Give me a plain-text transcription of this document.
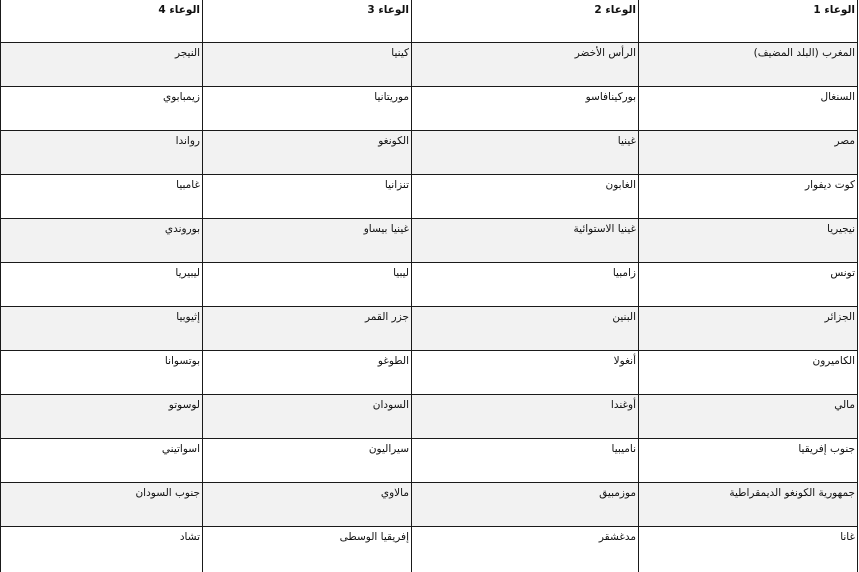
الوعاء 1	الوعاء 2	الوعاء 3	الوعاء 4
المغرب (البلد المضيف)	الرأس الأخضر	كينيا	النيجر
السنغال	بوركينافاسو	موريتانيا	زيمبابوي
مصر	غينيا	الكونغو	رواندا
كوت ديفوار	الغابون	تنزانيا	غامبيا
نيجيريا	غينيا الاستوائية	غينيا بيساو	بوروندي
تونس	زامبيا	ليبيا	ليبيريا
الجزائر	البنين	جزر القمر	إثيوبيا
الكاميرون	أنغولا	الطوغو	بوتسوانا
مالي	أوغندا	السودان	لوسوتو
جنوب إفريقيا	ناميبيا	سيراليون	اسواتيني
جمهورية الكونغو الديمقراطية	موزمبيق	مالاوي	جنوب السودان
غانا	مدغشقر	إفريقيا الوسطى	تشاد
